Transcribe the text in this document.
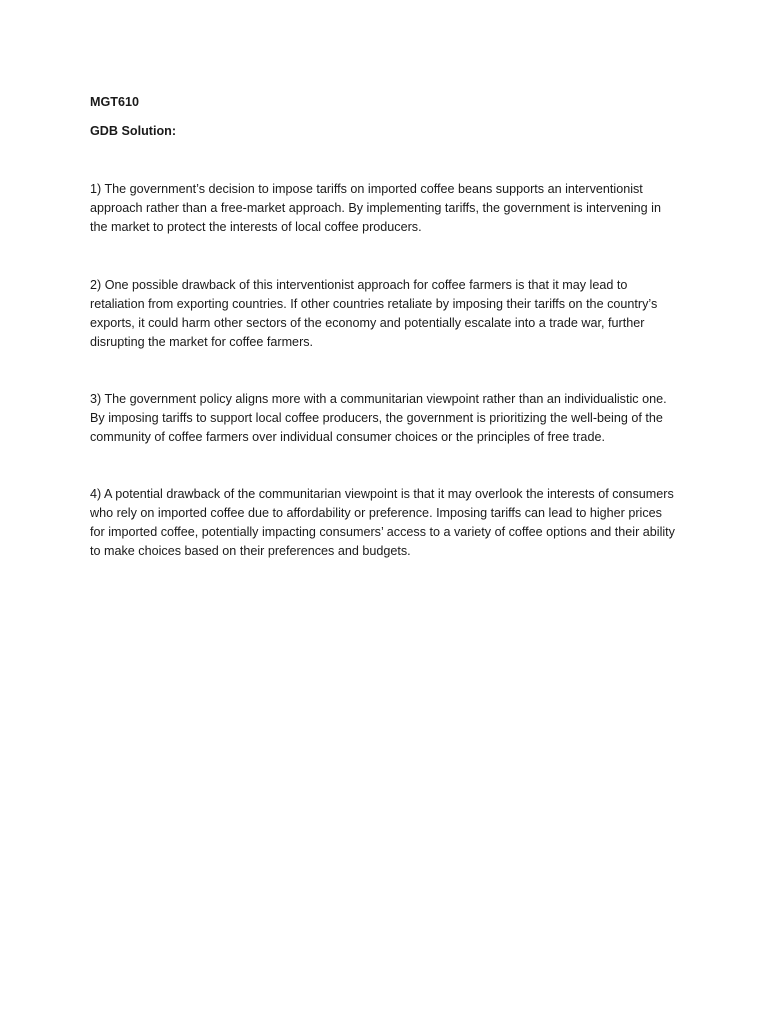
MGT610

GDB Solution:

1) The government’s decision to impose tariffs on imported coffee beans supports an interventionist approach rather than a free-market approach. By implementing tariffs, the government is intervening in the market to protect the interests of local coffee producers.

2) One possible drawback of this interventionist approach for coffee farmers is that it may lead to retaliation from exporting countries. If other countries retaliate by imposing their tariffs on the country’s exports, it could harm other sectors of the economy and potentially escalate into a trade war, further disrupting the market for coffee farmers.

3) The government policy aligns more with a communitarian viewpoint rather than an individualistic one. By imposing tariffs to support local coffee producers, the government is prioritizing the well-being of the community of coffee farmers over individual consumer choices or the principles of free trade.

4) A potential drawback of the communitarian viewpoint is that it may overlook the interests of consumers who rely on imported coffee due to affordability or preference. Imposing tariffs can lead to higher prices for imported coffee, potentially impacting consumers’ access to a variety of coffee options and their ability to make choices based on their preferences and budgets.
